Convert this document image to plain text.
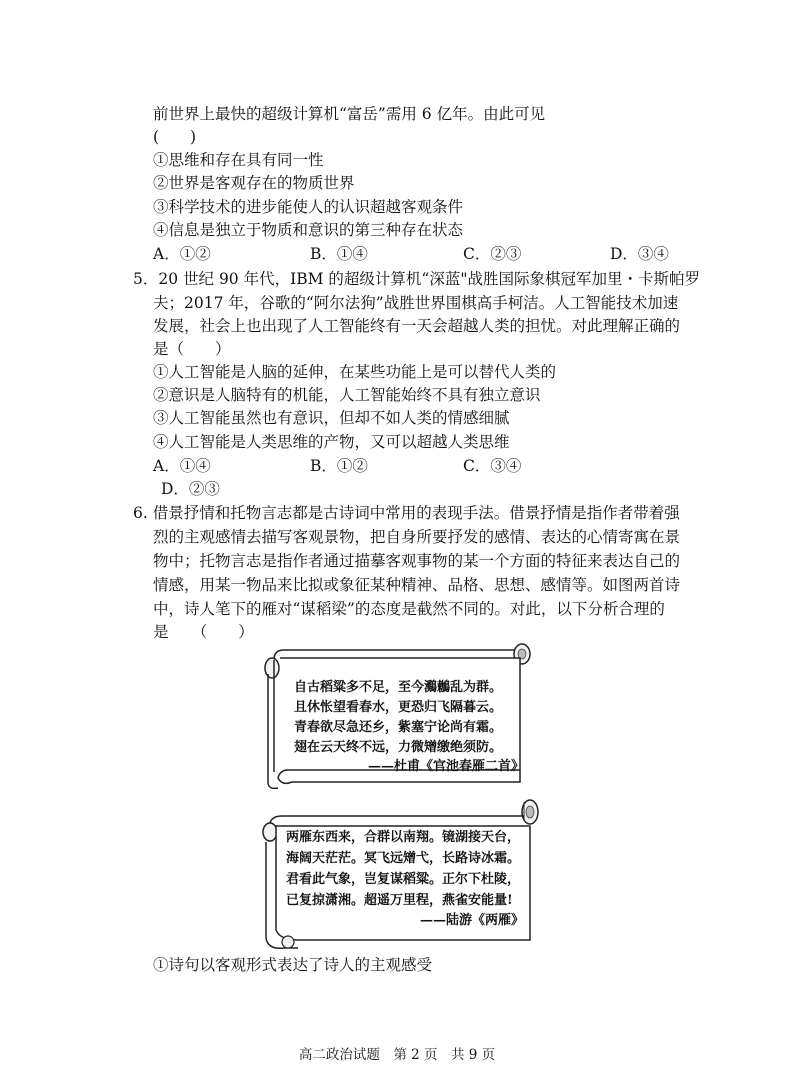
前世界上最快的超级计算机“富岳”需用 6 亿年。由此可见
(　　)
①思维和存在具有同一性
②世界是客观存在的物质世界
③科学技术的进步能使人的认识超越客观条件
④信息是独立于物质和意识的第三种存在状态
A．①②	B．①④	C．②③	D．③④
5．20 世纪 90 年代，IBM 的超级计算机“深蓝"战胜国际象棋冠军加里・卡斯帕罗
夫；2017 年，谷歌的“阿尔法狗”战胜世界围棋高手柯洁。人工智能技术加速
发展，社会上也出现了人工智能终有一天会超越人类的担忧。对此理解正确的
是（　　）
①人工智能是人脑的延伸，在某些功能上是可以替代人类的
②意识是人脑特有的机能，人工智能始终不具有独立意识
③人工智能虽然也有意识，但却不如人类的情感细腻
④人工智能是人类思维的产物，又可以超越人类思维
A．①④	B．①②	C．③④
D．②③
6. 借景抒情和托物言志都是古诗词中常用的表现手法。借景抒情是指作者带着强
烈的主观感情去描写客观景物，把自身所要抒发的感情、表达的心情寄寓在景
物中；托物言志是指作者通过描摹客观事物的某一个方面的特征来表达自己的
情感，用某一物品来比拟或象征某种精神、品格、思想、感情等。如图两首诗
中，诗人笔下的雁对“谋稻梁”的态度是截然不同的。对此，以下分析合理的
是　　（　　）
自古稻粱多不足，至今鸂鶒乱为群。
且休怅望看春水，更恐归飞隔暮云。
青春欲尽急还乡，紫塞宁论尚有霜。
翅在云天终不远，力微矰缴绝须防。
——杜甫《官池春雁二首》
两雁东西来，合群以南翔。镜湖接天台，
海阔天茫茫。冥飞远矰弋，长路诗冰霜。
君看此气象，岂复谋稻粱。正尔下杜陵，
已复掠潇湘。超遥万里程，燕雀安能量!
——陆游《两雁》
①诗句以客观形式表达了诗人的主观感受
高二政治试题　第 2 页　共 9 页
